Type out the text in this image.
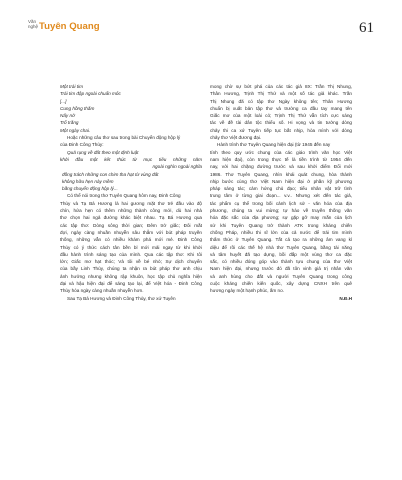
Văn
nghệ Tuyên Quang	61
Một trái tim
Trái tim đập ngoài chuẩn mốc
[...]
Cung hồng thắm
Nấy nở
Trổ trắng
Một ngày chai.
Hoặc những câu thơ sau trong bài Chuyển động hộp lý
của Đinh Công Thủy:
Quả rụng về đất theo một định luật
khởi đầu một kết thúc từ mục tiêu những năm
ngoài nghìn ngoài nghĩa
đồng trách những con chim tha hạt từ vùng đất
không hữu hẹn này mềm
bằng chuyển động hộp lý...
Có thể nói trong thơ Tuyên Quang hôm nay, Đinh Công
Thủy và Tạ Bá Hương là hai gương mặt thơ trẻ đầu vào độ
chín, hứa hẹn có thêm những thành công mới, dù hai nhà
thơ chọn hai ngả đường khác biệt nhau. Tạ Bá Hương qua
các tập thơ: Dòng sông thời gian; Đêm trở giấc; Đôi mắt
đợi, ngày càng nhuần nhuyễn sâu thẳm với bút pháp truyền
thống, những vẫn có nhiều khám phá mới mẻ. Đinh Công
Thủy có ý thức cách tân bền bỉ mới mải ngay từ khi khởi
đầu hành trình sáng tạo của mình. Qua các tập thơ: Khi tôi
lớn; Giấc mơ hạt thóc; Và tôi về bé nhỏ; Sự dịch chuyển
của bầy Linh Thủy, chúng ta nhận ra bút pháp thơ anh chịu
ảnh hưởng nhưng không rập khuôn, học tập chủ nghĩa hiện
đại và hậu hiện đại để sáng tạo lại, để Việt hóa - Đinh Công
Thủy hóa ngày càng nhuần nhuyễn hơn.
Sau Tạ Bá Hương và Đinh Công Thủy, thơ xứ Tuyên
mong chờ sự bứt phá của các tác giả 8X: Trần Thị Nhung,
Thân Hương, Trịnh Thị Thứ và một số tác giả khác. Trần
Thị Nhung đã có tập thơ Ngày không tên; Thân Hương
chuẩn bị xuất bản tập thơ và trường ca đầu tay mang tên
Giấc mơ của một loài cỏ; Trịnh Thị Thứ vẫn tích cực sáng
tác về đề tài dân tộc thiểu số. Hi vọng và tin tưởng dòng
chảy thi ca xứ Tuyên tiếp tục bắt nhịp, hòa mình với dòng
chảy thơ Việt đương đại.
Hành trình thơ Tuyên Quang hiện đại (từ 1945 đến nay
tính theo quy ước chung của các giáo trình văn học Việt
nam hiện đại), còn trong thực tế là tiền trình từ 1954 đến
nay, với hai chặng đường trước và sau khởi điểm Đổi mới
1986. Thơ Tuyên Quang, nhìn khái quát chung, hòa thành
nhịp bước cùng thơ Việt Nam hiện đại ở phần kỹ phương
pháp sáng tác; cảm hứng chủ đạo; tiểu nhân vật trữ tình
trung tâm ở từng giai đoạn... v.v.. Nhưng xét đến tác giả,
tác phẩm cụ thể trong bối cảnh lịch sử - văn hóa của địa
phương, chúng ta vui mừng; tự hào về truyền thống văn
hóa đặc sắc của địa phương; sự gặp gỡ may mắn của lịch
sử khi Tuyên Quang trở thành ATK trong kháng chiến
chống Pháp, nhiều thi sĩ lớn của cả nước để trái tim mình
thấm thức ở Tuyên Quang. Tất cả tạo ra những âm vang kỉ
diệu để rồi các thế hệ nhà thơ Tuyên Quang, bằng tài năng
và tâm huyết đã tạo dựng, bồi đắp một vùng thơ ca đặc
sắc, có nhiều đóng góp vào thành tựu chung của thơ Việt
Nam hiện đại, nhưng trước đó đã tôn vinh giá trị nhân văn
và anh hùng cho đất và người Tuyên Quang trong công
cuộc kháng chiến kiến quốc, xây dựng CNXH trên quê
hương ngày một hạnh phúc, ấm no.
N.Đ.H
